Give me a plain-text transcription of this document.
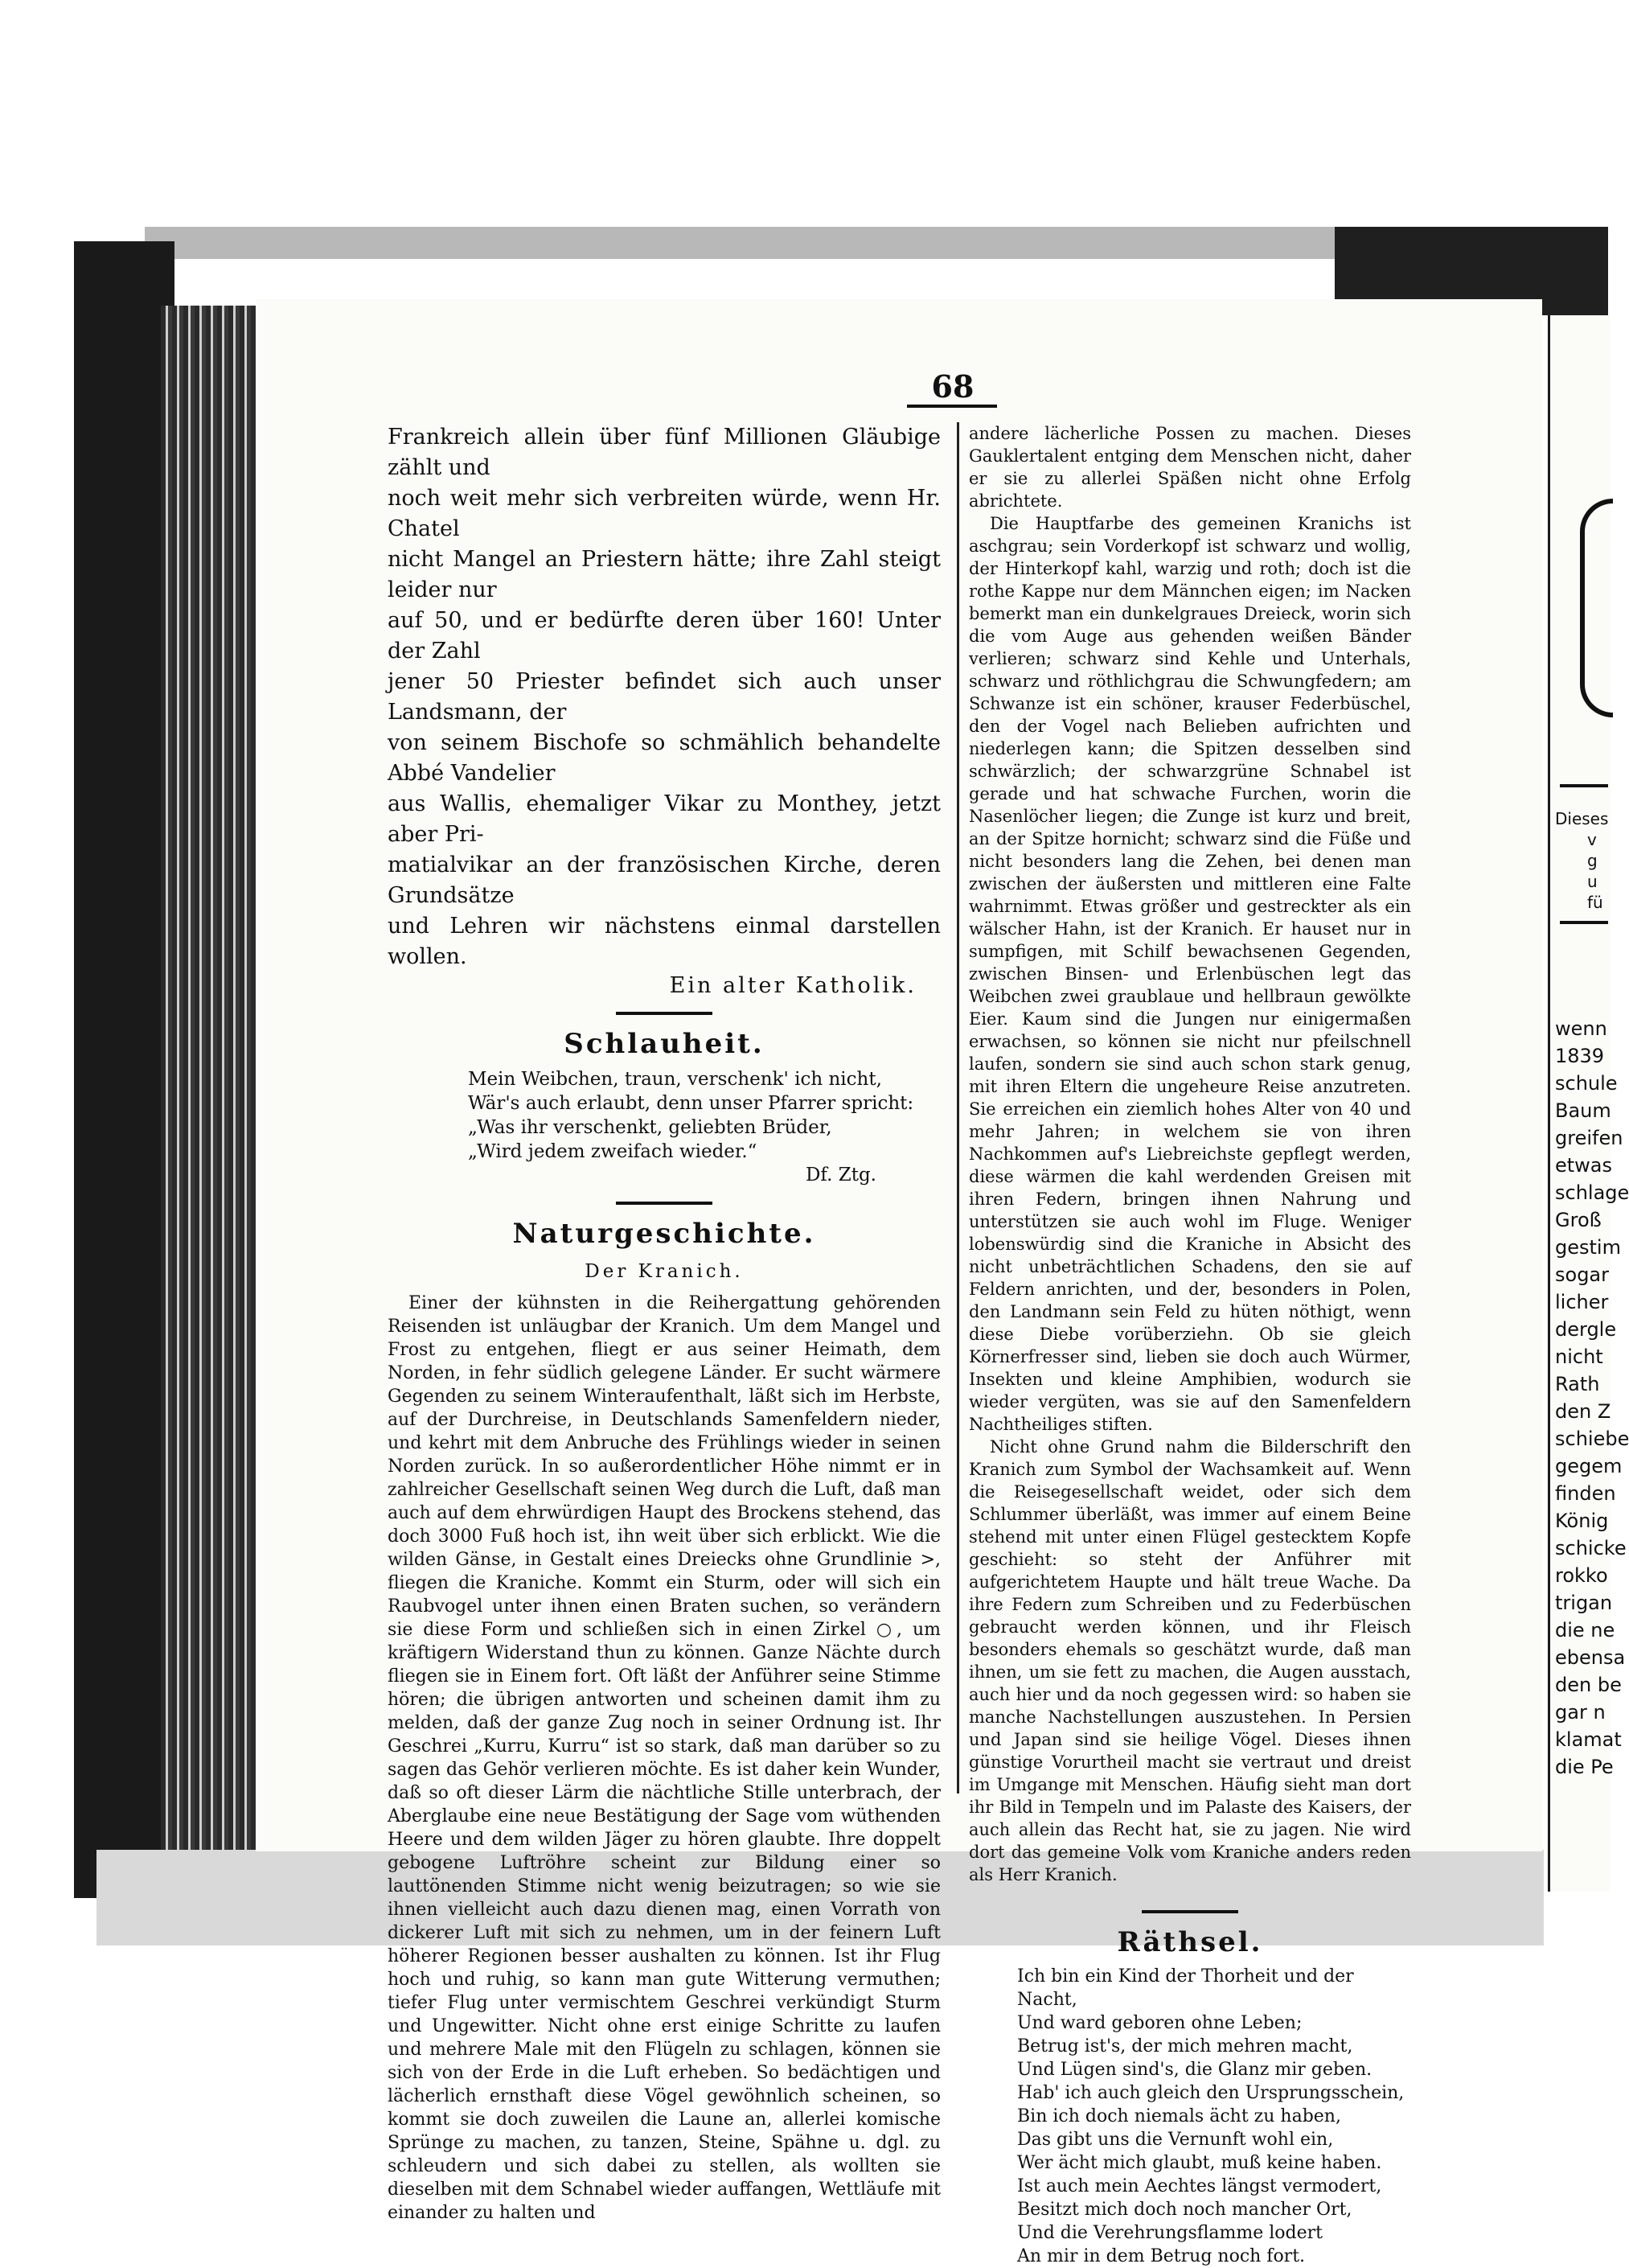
68
Frankreich allein über fünf Millionen Gläubige zählt und
noch weit mehr sich verbreiten würde, wenn Hr. Chatel
nicht Mangel an Priestern hätte; ihre Zahl steigt leider nur
auf 50, und er bedürfte deren über 160! Unter der Zahl
jener 50 Priester befindet sich auch unser Landsmann, der
von seinem Bischofe so schmählich behandelte Abbé Vandelier
aus Wallis, ehemaliger Vikar zu Monthey, jetzt aber Pri-
matialvikar an der französischen Kirche, deren Grundsätze
und Lehren wir nächstens einmal darstellen wollen.
Ein alter Katholik.
Schlauheit.
Mein Weibchen, traun, verschenk' ich nicht,
Wär's auch erlaubt, denn unser Pfarrer spricht:
„Was ihr verschenkt, geliebten Brüder,
„Wird jedem zweifach wieder.“
Df. Ztg.
Naturgeschichte.
Der Kranich.

Einer der kühnsten in die Reihergattung gehörenden Reisenden ist unläugbar der Kranich. Um dem Mangel und Frost zu entgehen, fliegt er aus seiner Heimath, dem Norden, in fehr südlich gelegene Länder. Er sucht wärmere Gegenden zu seinem Winteraufenthalt, läßt sich im Herbste, auf der Durchreise, in Deutschlands Samenfeldern nieder, und kehrt mit dem Anbruche des Frühlings wieder in seinen Norden zurück. In so außerordentlicher Höhe nimmt er in zahlreicher Gesellschaft seinen Weg durch die Luft, daß man auch auf dem ehrwürdigen Haupt des Brockens stehend, das doch 3000 Fuß hoch ist, ihn weit über sich erblickt. Wie die wilden Gänse, in Gestalt eines Dreiecks ohne Grundlinie >, fliegen die Kraniche. Kommt ein Sturm, oder will sich ein Raubvogel unter ihnen einen Braten suchen, so verändern sie diese Form und schließen sich in einen Zirkel ○, um kräftigern Widerstand thun zu können. Ganze Nächte durch fliegen sie in Einem fort. Oft läßt der Anführer seine Stimme hören; die übrigen antworten und scheinen damit ihm zu melden, daß der ganze Zug noch in seiner Ordnung ist. Ihr Geschrei „Kurru, Kurru“ ist so stark, daß man darüber so zu sagen das Gehör verlieren möchte. Es ist daher kein Wunder, daß so oft dieser Lärm die nächtliche Stille unterbrach, der Aberglaube eine neue Bestätigung der Sage vom wüthenden Heere und dem wilden Jäger zu hören glaubte. Ihre doppelt gebogene Luftröhre scheint zur Bildung einer so lauttönenden Stimme nicht wenig beizutragen; so wie sie ihnen vielleicht auch dazu dienen mag, einen Vorrath von dickerer Luft mit sich zu nehmen, um in der feinern Luft höherer Regionen besser aushalten zu können. Ist ihr Flug hoch und ruhig, so kann man gute Witterung vermuthen; tiefer Flug unter vermischtem Geschrei verkündigt Sturm und Ungewitter. Nicht ohne erst einige Schritte zu laufen und mehrere Male mit den Flügeln zu schlagen, können sie sich von der Erde in die Luft erheben. So bedächtigen und lächerlich ernsthaft diese Vögel gewöhnlich scheinen, so kommt sie doch zuweilen die Laune an, allerlei komische Sprünge zu machen, zu tanzen, Steine, Spähne u. dgl. zu schleudern und sich dabei zu stellen, als wollten sie dieselben mit dem Schnabel wieder auffangen, Wettläufe mit einander zu halten und

andere lächerliche Possen zu machen. Dieses Gauklertalent entging dem Menschen nicht, daher er sie zu allerlei Späßen nicht ohne Erfolg abrichtete.

Die Hauptfarbe des gemeinen Kranichs ist aschgrau; sein Vorderkopf ist schwarz und wollig, der Hinterkopf kahl, warzig und roth; doch ist die rothe Kappe nur dem Männchen eigen; im Nacken bemerkt man ein dunkelgraues Dreieck, worin sich die vom Auge aus gehenden weißen Bänder verlieren; schwarz sind Kehle und Unterhals, schwarz und röthlichgrau die Schwungfedern; am Schwanze ist ein schöner, krauser Federbüschel, den der Vogel nach Belieben aufrichten und niederlegen kann; die Spitzen desselben sind schwärzlich; der schwarzgrüne Schnabel ist gerade und hat schwache Furchen, worin die Nasenlöcher liegen; die Zunge ist kurz und breit, an der Spitze hornicht; schwarz sind die Füße und nicht besonders lang die Zehen, bei denen man zwischen der äußersten und mittleren eine Falte wahrnimmt. Etwas größer und gestreckter als ein wälscher Hahn, ist der Kranich. Er hauset nur in sumpfigen, mit Schilf bewachsenen Gegenden, zwischen Binsen- und Erlenbüschen legt das Weibchen zwei graublaue und hellbraun gewölkte Eier. Kaum sind die Jungen nur einigermaßen erwachsen, so können sie nicht nur pfeilschnell laufen, sondern sie sind auch schon stark genug, mit ihren Eltern die ungeheure Reise anzutreten. Sie erreichen ein ziemlich hohes Alter von 40 und mehr Jahren; in welchem sie von ihren Nachkommen auf's Liebreichste gepflegt werden, diese wärmen die kahl werdenden Greisen mit ihren Federn, bringen ihnen Nahrung und unterstützen sie auch wohl im Fluge. Weniger lobenswürdig sind die Kraniche in Absicht des nicht unbeträchtlichen Schadens, den sie auf Feldern anrichten, und der, besonders in Polen, den Landmann sein Feld zu hüten nöthigt, wenn diese Diebe vorüberziehn. Ob sie gleich Körnerfresser sind, lieben sie doch auch Würmer, Insekten und kleine Amphibien, wodurch sie wieder vergüten, was sie auf den Samenfeldern Nachtheiliges stiften.

Nicht ohne Grund nahm die Bilderschrift den Kranich zum Symbol der Wachsamkeit auf. Wenn die Reisegesellschaft weidet, oder sich dem Schlummer überläßt, was immer auf einem Beine stehend mit unter einen Flügel gestecktem Kopfe geschieht: so steht der Anführer mit aufgerichtetem Haupte und hält treue Wache. Da ihre Federn zum Schreiben und zu Federbüschen gebraucht werden können, und ihr Fleisch besonders ehemals so geschätzt wurde, daß man ihnen, um sie fett zu machen, die Augen ausstach, auch hier und da noch gegessen wird: so haben sie manche Nachstellungen auszustehen. In Persien und Japan sind sie heilige Vögel. Dieses ihnen günstige Vorurtheil macht sie vertraut und dreist im Umgange mit Menschen. Häufig sieht man dort ihr Bild in Tempeln und im Palaste des Kaisers, der auch allein das Recht hat, sie zu jagen. Nie wird dort das gemeine Volk vom Kraniche anders reden als Herr Kranich.

Räthsel.
Ich bin ein Kind der Thorheit und der Nacht,
Und ward geboren ohne Leben;
Betrug ist's, der mich mehren macht,
Und Lügen sind's, die Glanz mir geben.
Hab' ich auch gleich den Ursprungsschein,
Bin ich doch niemals ächt zu haben,
Das gibt uns die Vernunft wohl ein,
Wer ächt mich glaubt, muß keine haben.
Ist auch mein Aechtes längst vermodert,
Besitzt mich doch noch mancher Ort,
Und die Verehrungsflamme lodert
An mir in dem Betrug noch fort.
Dieses
v
g
u
fü
wenn
1839
schule
Baum
greifen
etwas
schlage
Groß
gestim
sogar
licher
dergle
nicht
Rath
den Z
schiebe
gegem
finden
König
schicke
rokko
trigan
die ne
ebensa
den be
gar n
klamat
die Pe
